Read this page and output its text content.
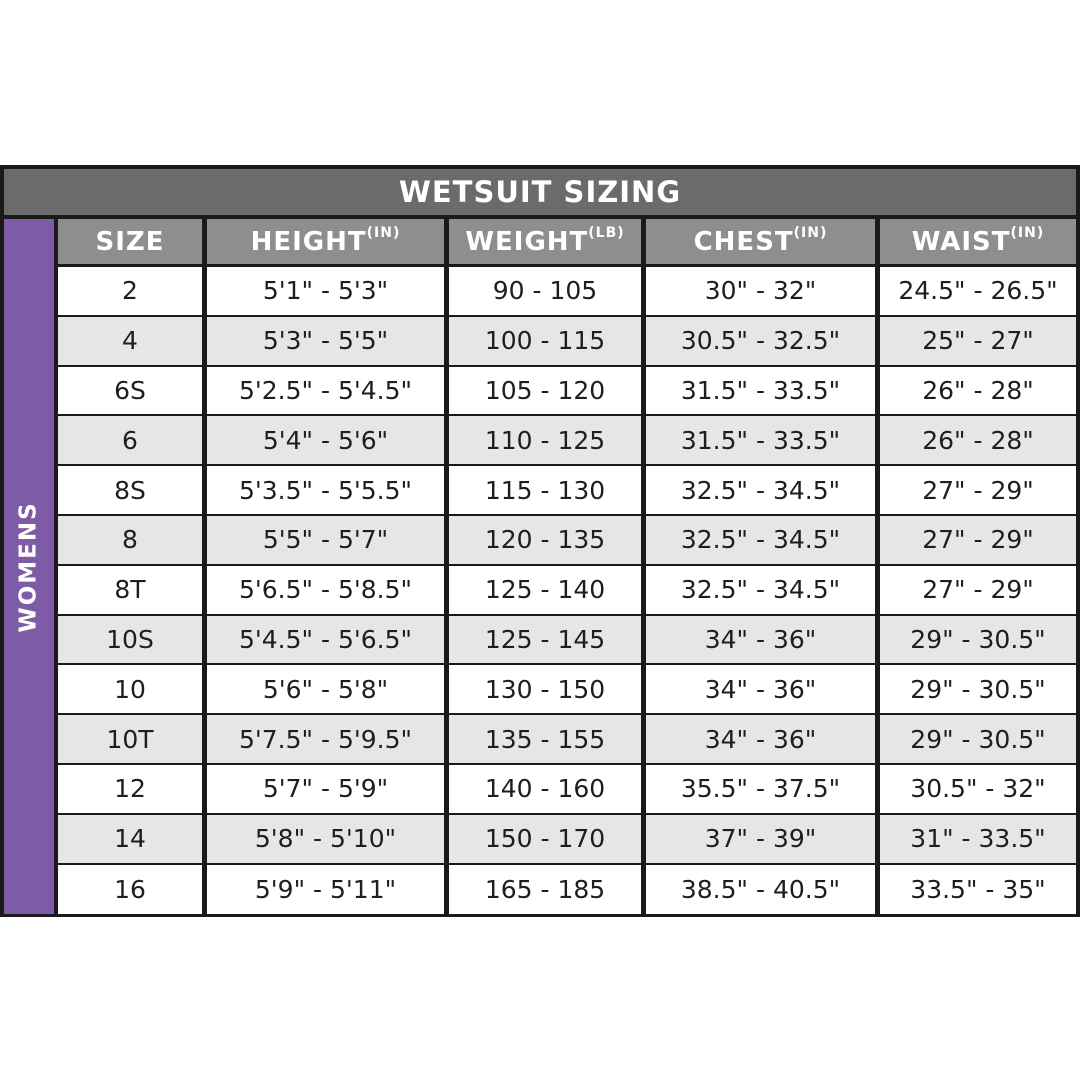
WETSUIT SIZING
WOMENS
SIZE	$HEIGHT^{(IN)}$	$WEIGHT^{(LB)}$	$CHEST^{(IN)}$	$WAIST^{(IN)}$
2	5'1" - 5'3"	90 - 105	30" - 32"	24.5" - 26.5"
4	5'3" - 5'5"	100 - 115	30.5" - 32.5"	25" - 27"
6S	5'2.5" - 5'4.5"	105 - 120	31.5" - 33.5"	26" - 28"
6	5'4" - 5'6"	110 - 125	31.5" - 33.5"	26" - 28"
8S	5'3.5" - 5'5.5"	115 - 130	32.5" - 34.5"	27" - 29"
8	5'5" - 5'7"	120 - 135	32.5" - 34.5"	27" - 29"
8T	5'6.5" - 5'8.5"	125 - 140	32.5" - 34.5"	27" - 29"
10S	5'4.5" - 5'6.5"	125 - 145	34" - 36"	29" - 30.5"
10	5'6" - 5'8"	130 - 150	34" - 36"	29" - 30.5"
10T	5'7.5" - 5'9.5"	135 - 155	34" - 36"	29" - 30.5"
12	5'7" - 5'9"	140 - 160	35.5" - 37.5"	30.5" - 32"
14	5'8" - 5'10"	150 - 170	37" - 39"	31" - 33.5"
16	5'9" - 5'11"	165 - 185	38.5" - 40.5"	33.5" - 35"
